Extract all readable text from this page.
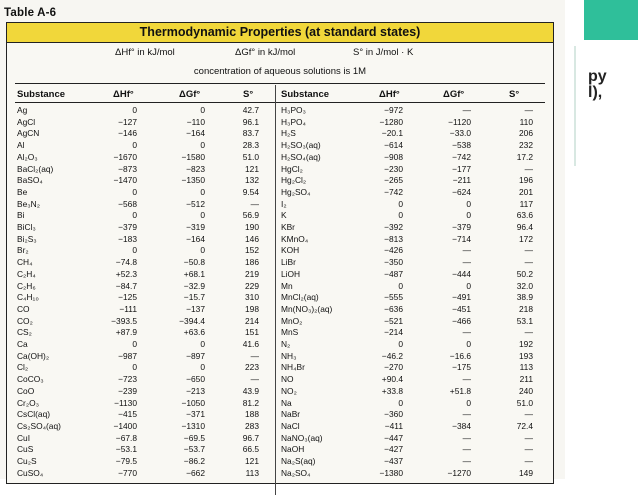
Table A-6
Thermodynamic Properties (at standard states)
ΔHf° in kJ/mol	ΔGf° in kJ/mol	S° in J/mol · K
concentration of aqueous solutions is 1M
Substance	ΔHf°	ΔGf°	S°	Substance	ΔHf°	ΔGf°	S°
Ag	0	0	42.7
AgCl	−127	−110	96.1
AgCN	−146	−164	83.7
Al	0	0	28.3
Al₂O₃	−1670	−1580	51.0
BaCl₂(aq)	−873	−823	121
BaSO₄	−1470	−1350	132
Be	0	0	9.54
Be₃N₂	−568	−512	—
Bi	0	0	56.9
BiCl₃	−379	−319	190
Bi₂S₃	−183	−164	146
Br₂	0	0	152
CH₄	−74.8	−50.8	186
C₂H₄	+52.3	+68.1	219
C₂H₆	−84.7	−32.9	229
C₄H₁₀	−125	−15.7	310
CO	−111	−137	198
CO₂	−393.5	−394.4	214
CS₂	+87.9	+63.6	151
Ca	0	0	41.6
Ca(OH)₂	−987	−897	—
Cl₂	0	0	223
CoCO₃	−723	−650	—
CoO	−239	−213	43.9
Cr₂O₃	−1130	−1050	81.2
CsCl(aq)	−415	−371	188
Cs₂SO₄(aq)	−1400	−1310	283
CuI	−67.8	−69.5	96.7
CuS	−53.1	−53.7	66.5
Cu₂S	−79.5	−86.2	121
CuSO₄	−770	−662	113
H₃PO₃	−972	—	—
H₃PO₄	−1280	−1120	110
H₂S	−20.1	−33.0	206
H₂SO₃(aq)	−614	−538	232
H₂SO₄(aq)	−908	−742	17.2
HgCl₂	−230	−177	—
Hg₂Cl₂	−265	−211	196
Hg₂SO₄	−742	−624	201
I₂	0	0	117
K	0	0	63.6
KBr	−392	−379	96.4
KMnO₄	−813	−714	172
KOH	−426	—	—
LiBr	−350	—	—
LiOH	−487	−444	50.2
Mn	0	0	32.0
MnCl₂(aq)	−555	−491	38.9
Mn(NO₃)₂(aq)	−636	−451	218
MnO₂	−521	−466	53.1
MnS	−214	—	—
N₂	0	0	192
NH₃	−46.2	−16.6	193
NH₄Br	−270	−175	113
NO	+90.4	—	211
NO₂	+33.8	+51.8	240
Na	0	0	51.0
NaBr	−360	—	—
NaCl	−411	−384	72.4
NaNO₃(aq)	−447	—	—
NaOH	−427	—	—
Na₂S(aq)	−437	—	—
Na₂SO₄	−1380	−1270	149
py
l),
